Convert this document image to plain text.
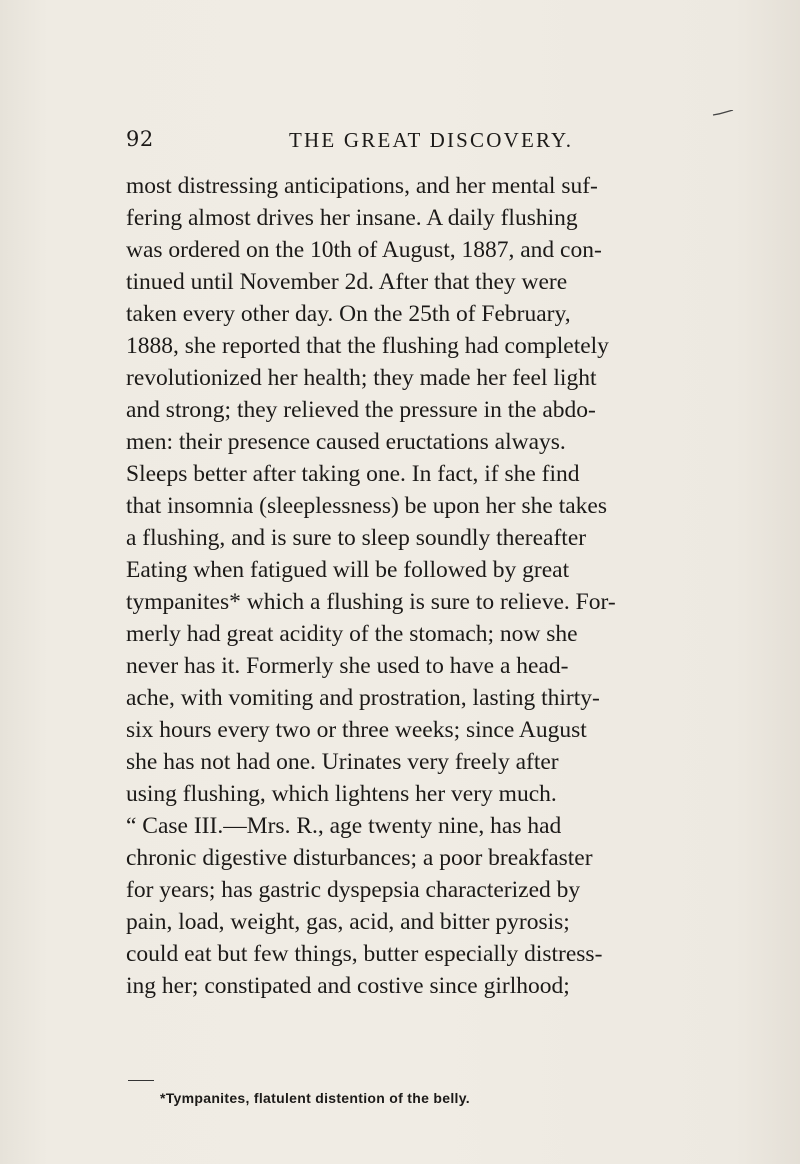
92	THE GREAT DISCOVERY.

most distressing anticipations, and her mental suf-
fering almost drives her insane. A daily flushing
was ordered on the 10th of August, 1887, and con-
tinued until November 2d. After that they were
taken every other day. On the 25th of February,
1888, she reported that the flushing had completely
revolutionized her health; they made her feel light
and strong; they relieved the pressure in the abdo-
men: their presence caused eructations always.
Sleeps better after taking one. In fact, if she find
that insomnia (sleeplessness) be upon her she takes
a flushing, and is sure to sleep soundly thereafter
Eating when fatigued will be followed by great
tympanites* which a flushing is sure to relieve. For-
merly had great acidity of the stomach; now she
never has it. Formerly she used to have a head-
ache, with vomiting and prostration, lasting thirty-
six hours every two or three weeks; since August
she has not had one. Urinates very freely after
using flushing, which lightens her very much.
“ Case III.—Mrs. R., age twenty nine, has had
chronic digestive disturbances; a poor breakfaster
for years; has gastric dyspepsia characterized by
pain, load, weight, gas, acid, and bitter pyrosis;
could eat but few things, butter especially distress-
ing her; constipated and costive since girlhood;

*Tympanites, flatulent distention of the belly.
